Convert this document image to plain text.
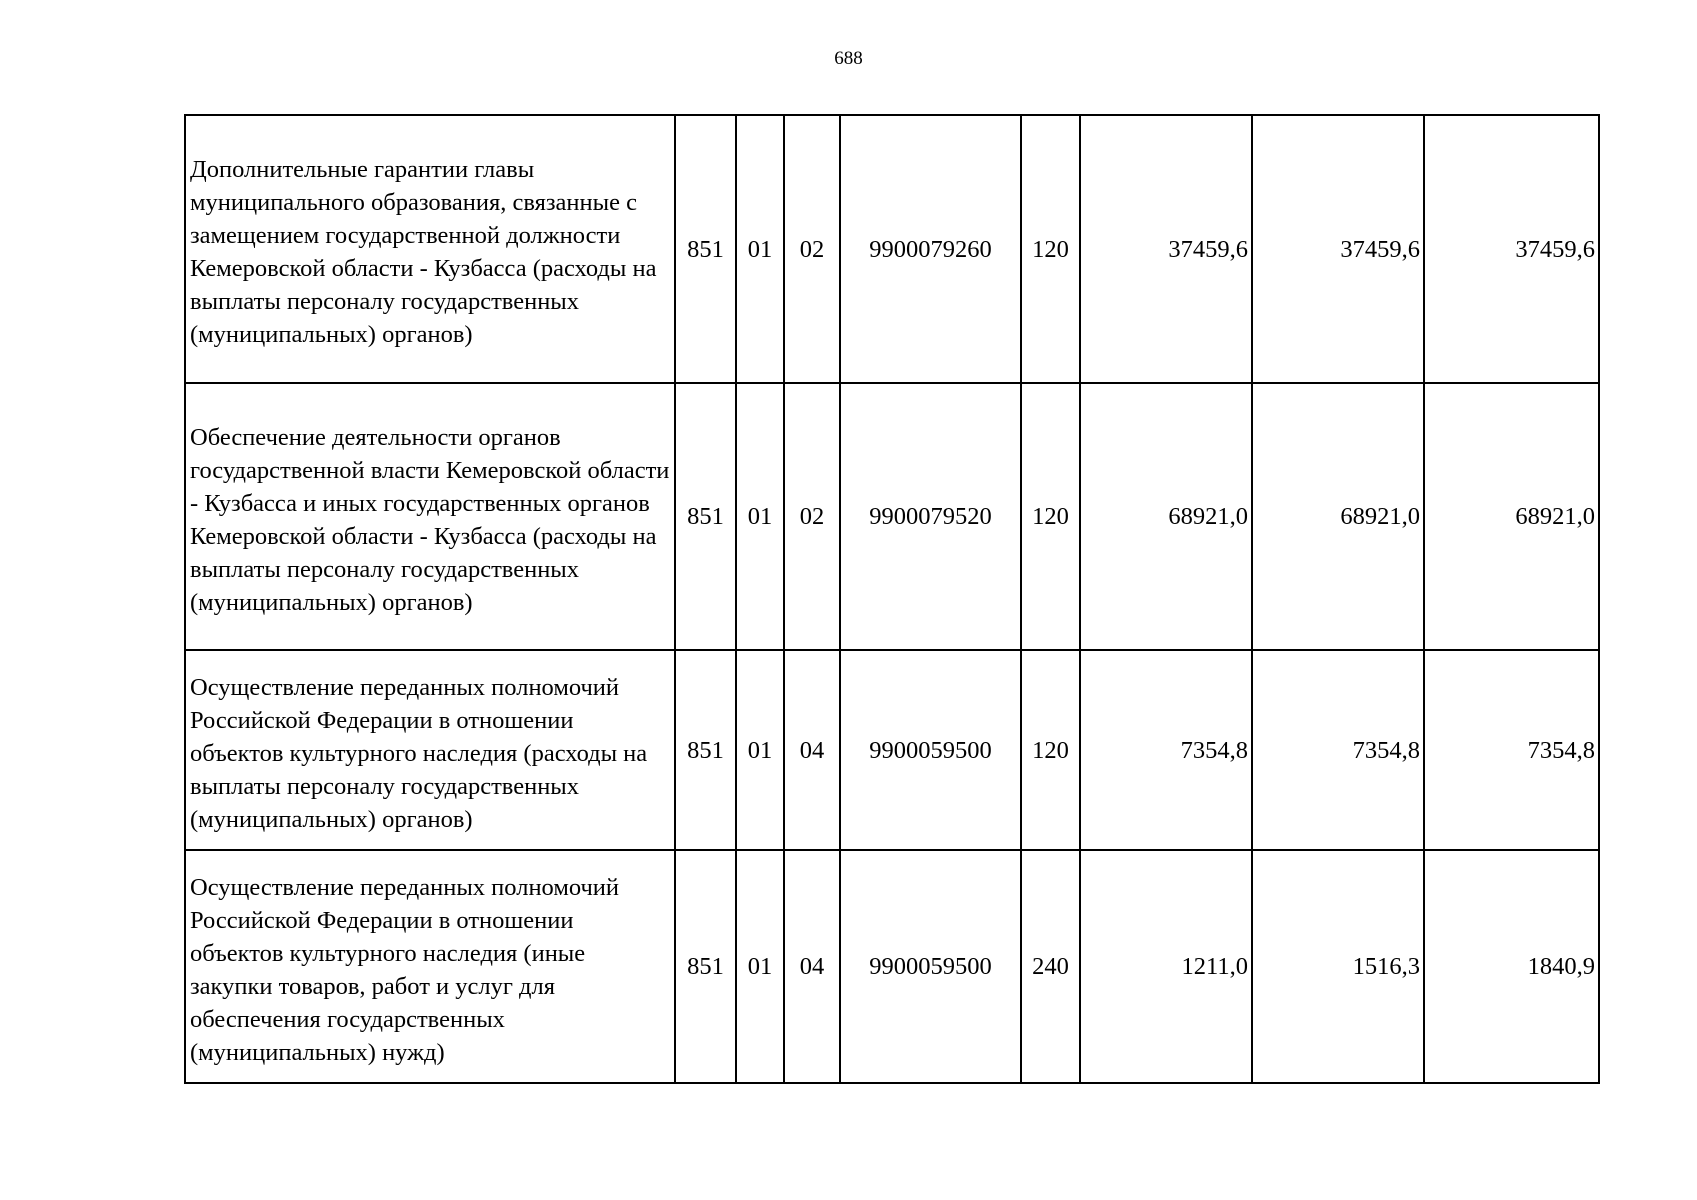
688
Дополнительные гарантии главы муниципального образования, связанные с замещением государственной должности Кемеровской области - Кузбасса (расходы на выплаты персоналу государственных (муниципальных) органов)	851	01	02	9900079260	120	37459,6	37459,6	37459,6
Обеспечение деятельности органов государственной власти Кемеровской области - Кузбасса и иных государственных органов Кемеровской области - Кузбасса (расходы на выплаты персоналу государственных (муниципальных) органов)	851	01	02	9900079520	120	68921,0	68921,0	68921,0
Осуществление переданных полномочий Российской Федерации в отношении объектов культурного наследия (расходы на выплаты персоналу государственных (муниципальных) органов)	851	01	04	9900059500	120	7354,8	7354,8	7354,8
Осуществление переданных полномочий Российской Федерации в отношении объектов культурного наследия (иные закупки товаров, работ и услуг для обеспечения государственных (муниципальных) нужд)	851	01	04	9900059500	240	1211,0	1516,3	1840,9
